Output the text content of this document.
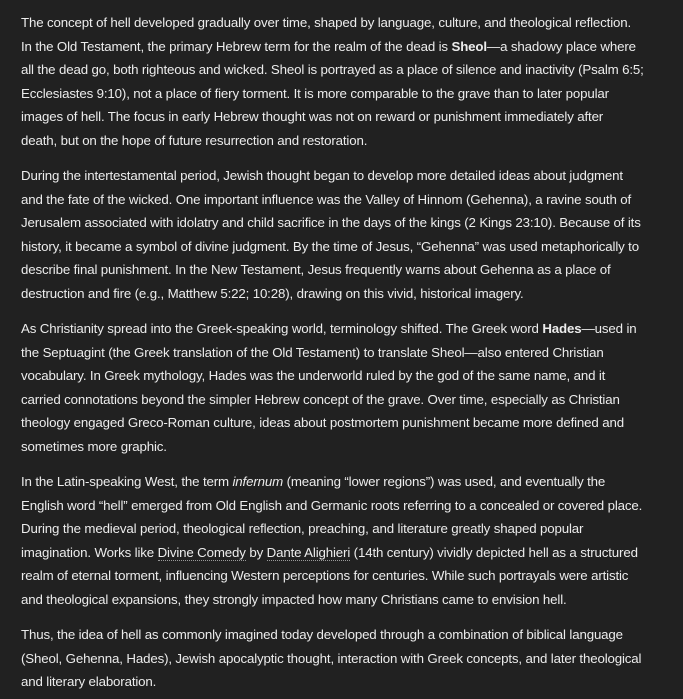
The concept of hell developed gradually over time, shaped by language, culture, and theological reflection.
In the Old Testament, the primary Hebrew term for the realm of the dead is Sheol—a shadowy place where
all the dead go, both righteous and wicked. Sheol is portrayed as a place of silence and inactivity (Psalm 6:5;
Ecclesiastes 9:10), not a place of fiery torment. It is more comparable to the grave than to later popular
images of hell. The focus in early Hebrew thought was not on reward or punishment immediately after
death, but on the hope of future resurrection and restoration.

During the intertestamental period, Jewish thought began to develop more detailed ideas about judgment
and the fate of the wicked. One important influence was the Valley of Hinnom (Gehenna), a ravine south of
Jerusalem associated with idolatry and child sacrifice in the days of the kings (2 Kings 23:10). Because of its
history, it became a symbol of divine judgment. By the time of Jesus, “Gehenna” was used metaphorically to
describe final punishment. In the New Testament, Jesus frequently warns about Gehenna as a place of
destruction and fire (e.g., Matthew 5:22; 10:28), drawing on this vivid, historical imagery.

As Christianity spread into the Greek-speaking world, terminology shifted. The Greek word Hades—used in
the Septuagint (the Greek translation of the Old Testament) to translate Sheol—also entered Christian
vocabulary. In Greek mythology, Hades was the underworld ruled by the god of the same name, and it
carried connotations beyond the simpler Hebrew concept of the grave. Over time, especially as Christian
theology engaged Greco-Roman culture, ideas about postmortem punishment became more defined and
sometimes more graphic.

In the Latin-speaking West, the term infernum (meaning “lower regions”) was used, and eventually the
English word “hell” emerged from Old English and Germanic roots referring to a concealed or covered place.
During the medieval period, theological reflection, preaching, and literature greatly shaped popular
imagination. Works like Divine Comedy by Dante Alighieri (14th century) vividly depicted hell as a structured
realm of eternal torment, influencing Western perceptions for centuries. While such portrayals were artistic
and theological expansions, they strongly impacted how many Christians came to envision hell.

Thus, the idea of hell as commonly imagined today developed through a combination of biblical language
(Sheol, Gehenna, Hades), Jewish apocalyptic thought, interaction with Greek concepts, and later theological
and literary elaboration.
